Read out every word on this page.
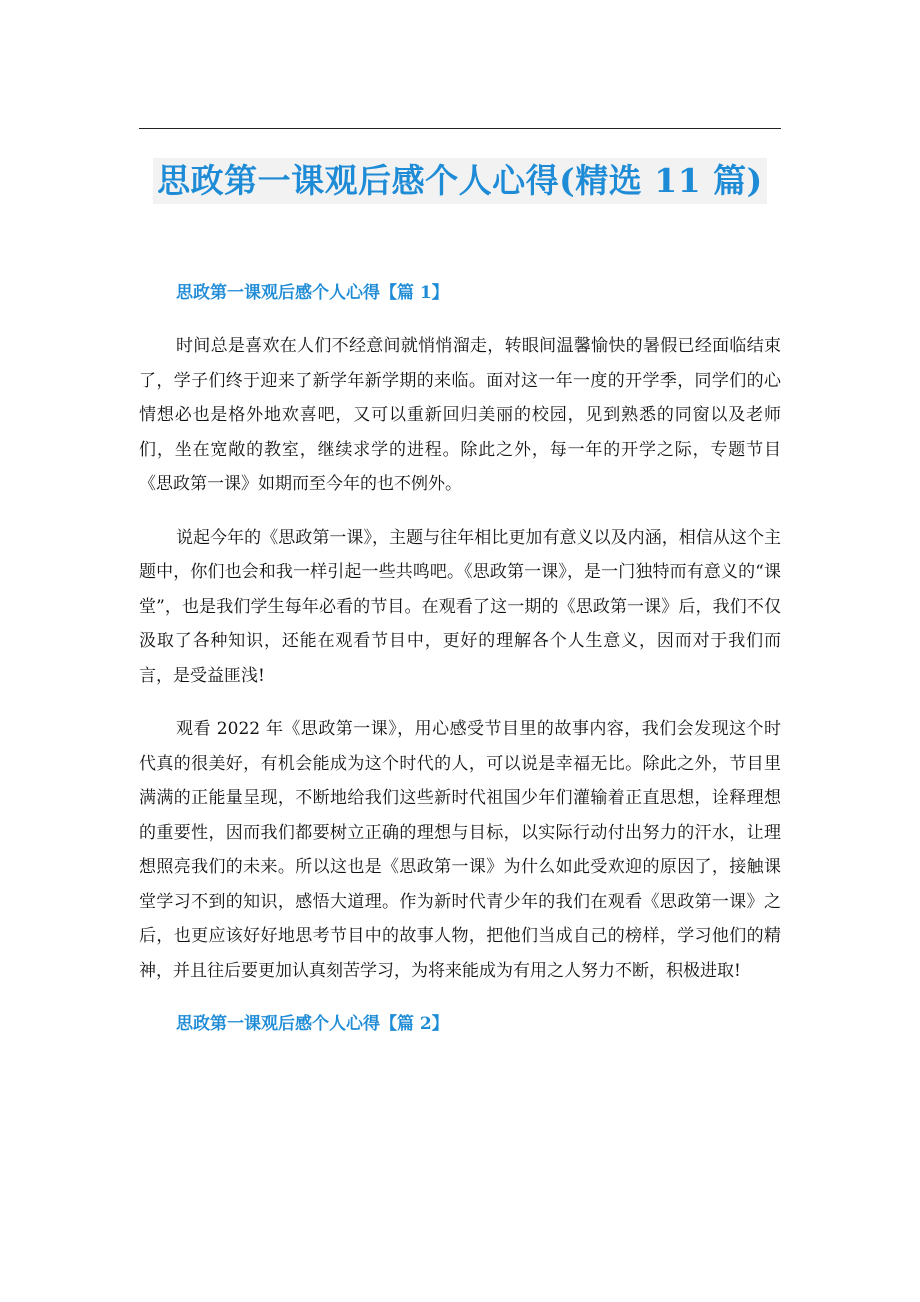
思政第一课观后感个人心得(精选 11 篇)

思政第一课观后感个人心得【篇 1】

时间总是喜欢在人们不经意间就悄悄溜走，转眼间温馨愉快的暑假已经面临结束了，学子们终于迎来了新学年新学期的来临。面对这一年一度的开学季，同学们的心情想必也是格外地欢喜吧，又可以重新回归美丽的校园，见到熟悉的同窗以及老师们，坐在宽敞的教室，继续求学的进程。除此之外，每一年的开学之际，专题节目《思政第一课》如期而至今年的也不例外。

说起今年的《思政第一课》，主题与往年相比更加有意义以及内涵，相信从这个主题中，你们也会和我一样引起一些共鸣吧。《思政第一课》，是一门独特而有意义的“课堂”，也是我们学生每年必看的节目。在观看了这一期的《思政第一课》后，我们不仅汲取了各种知识，还能在观看节目中，更好的理解各个人生意义，因而对于我们而言，是受益匪浅!

观看 2022 年《思政第一课》，用心感受节目里的故事内容，我们会发现这个时代真的很美好，有机会能成为这个时代的人，可以说是幸福无比。除此之外，节目里满满的正能量呈现，不断地给我们这些新时代祖国少年们灌输着正直思想，诠释理想的重要性，因而我们都要树立正确的理想与目标，以实际行动付出努力的汗水，让理想照亮我们的未来。所以这也是《思政第一课》为什么如此受欢迎的原因了，接触课堂学习不到的知识，感悟大道理。作为新时代青少年的我们在观看《思政第一课》之后，也更应该好好地思考节目中的故事人物，把他们当成自己的榜样，学习他们的精神，并且往后要更加认真刻苦学习，为将来能成为有用之人努力不断，积极进取!

思政第一课观后感个人心得【篇 2】
